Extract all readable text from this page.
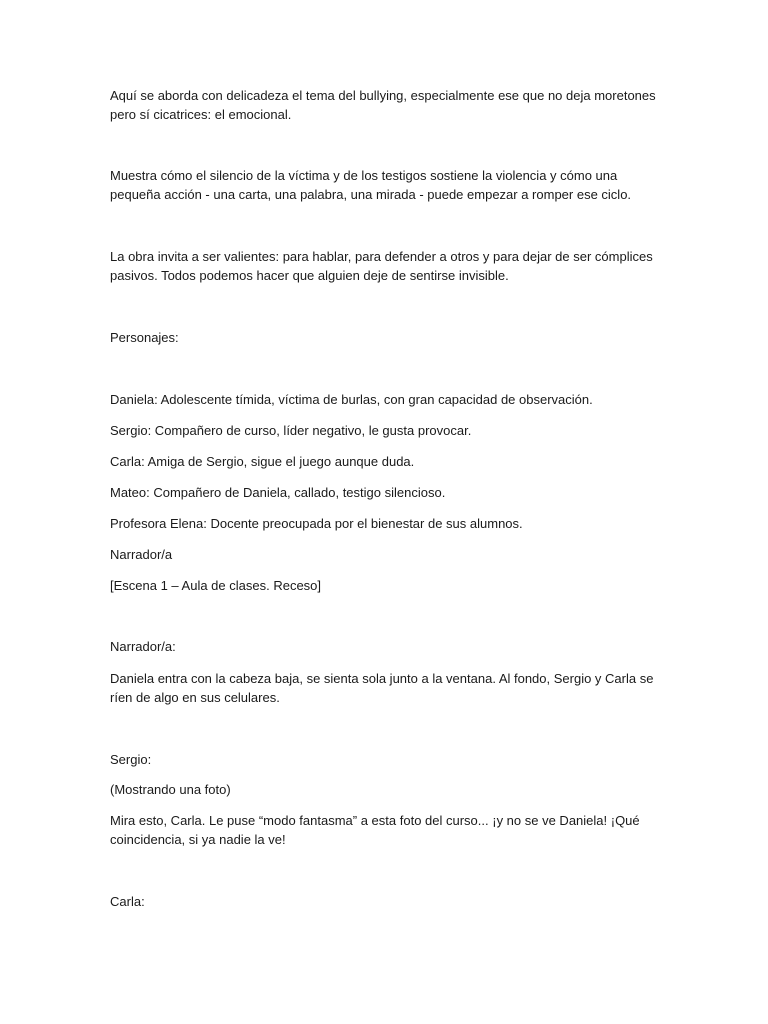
Aquí se aborda con delicadeza el tema del bullying, especialmente ese que no deja moretones pero sí cicatrices: el emocional.

Muestra cómo el silencio de la víctima y de los testigos sostiene la violencia y cómo una pequeña acción - una carta, una palabra, una mirada - puede empezar a romper ese ciclo.

La obra invita a ser valientes: para hablar, para defender a otros y para dejar de ser cómplices pasivos. Todos podemos hacer que alguien deje de sentirse invisible.

Personajes:

Daniela: Adolescente tímida, víctima de burlas, con gran capacidad de observación.

Sergio: Compañero de curso, líder negativo, le gusta provocar.

Carla: Amiga de Sergio, sigue el juego aunque duda.

Mateo: Compañero de Daniela, callado, testigo silencioso.

Profesora Elena: Docente preocupada por el bienestar de sus alumnos.

Narrador/a

[Escena 1 – Aula de clases. Receso]

Narrador/a:

Daniela entra con la cabeza baja, se sienta sola junto a la ventana. Al fondo, Sergio y Carla se ríen de algo en sus celulares.

Sergio:

(Mostrando una foto)

Mira esto, Carla. Le puse “modo fantasma” a esta foto del curso... ¡y no se ve Daniela! ¡Qué coincidencia, si ya nadie la ve!

Carla:
